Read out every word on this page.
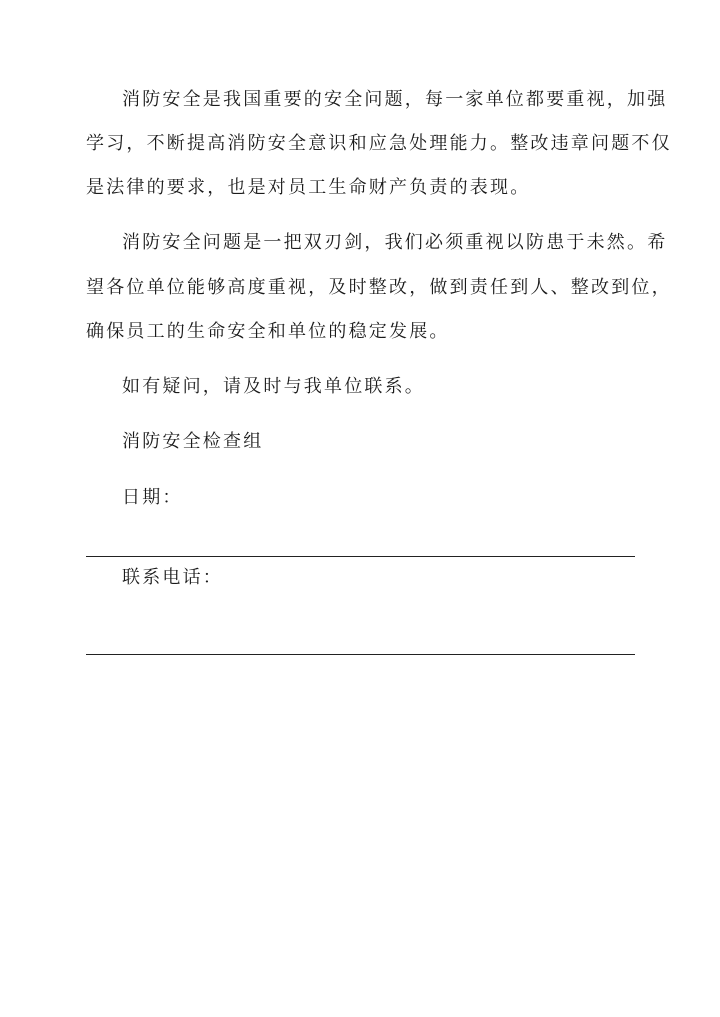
消防安全是我国重要的安全问题，每一家单位都要重视，加强
学习，不断提高消防安全意识和应急处理能力。整改违章问题不仅
是法律的要求，也是对员工生命财产负责的表现。
消防安全问题是一把双刃剑，我们必须重视以防患于未然。希
望各位单位能够高度重视，及时整改，做到责任到人、整改到位，
确保员工的生命安全和单位的稳定发展。
如有疑问，请及时与我单位联系。
消防安全检查组
日期：
联系电话：
